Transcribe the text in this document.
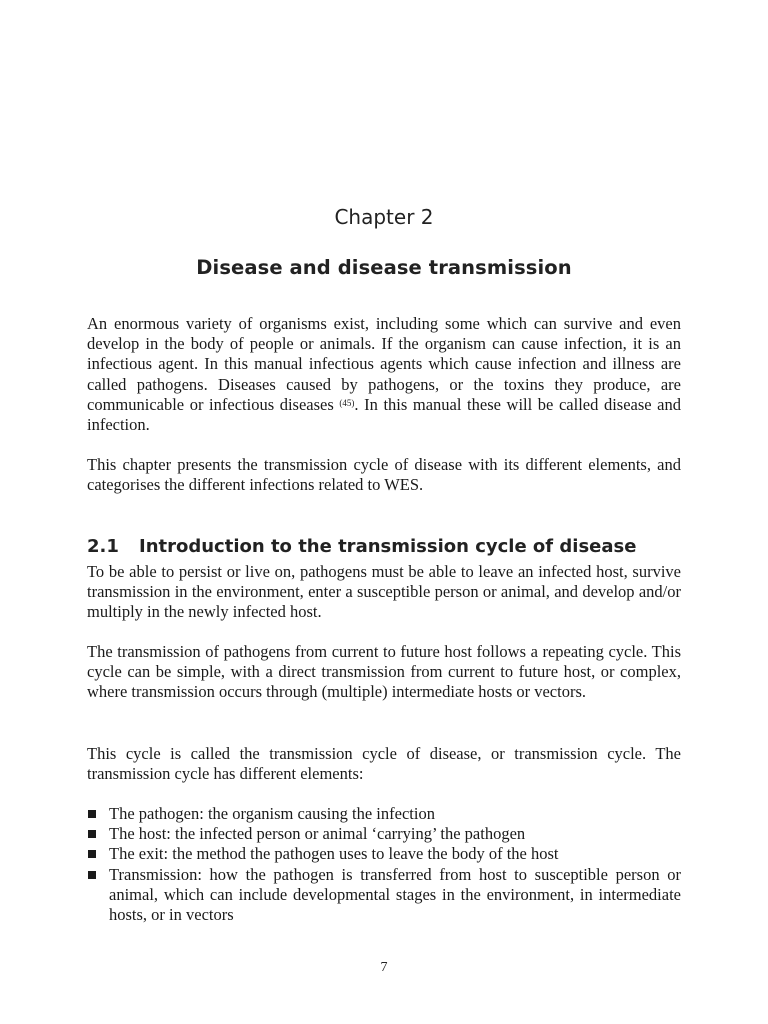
Chapter 2
Disease and disease transmission

An enormous variety of organisms exist, including some which can survive and even develop in the body of people or animals. If the organism can cause infection, it is an infectious agent. In this manual infectious agents which cause infection and illness are called pathogens. Diseases caused by pathogens, or the toxins they produce, are communicable or infectious diseases $^{(45)}$. In this manual these will be called disease and infection.

This chapter presents the transmission cycle of disease with its different elements, and categorises the different infections related to WES.

2.1 Introduction to the transmission cycle of disease

To be able to persist or live on, pathogens must be able to leave an infected host, survive transmission in the environment, enter a susceptible person or animal, and develop and/or multiply in the newly infected host.

The transmission of pathogens from current to future host follows a repeating cycle. This cycle can be simple, with a direct transmission from current to future host, or complex, where transmission occurs through (multiple) intermediate hosts or vectors.

This cycle is called the transmission cycle of disease, or transmission cycle. The transmission cycle has different elements:

The pathogen: the organism causing the infection
The host: the infected person or animal ‘carrying’ the pathogen
The exit: the method the pathogen uses to leave the body of the host
Transmission: how the pathogen is transferred from host to susceptible person or animal, which can include developmental stages in the environment, in intermediate hosts, or in vectors
7
